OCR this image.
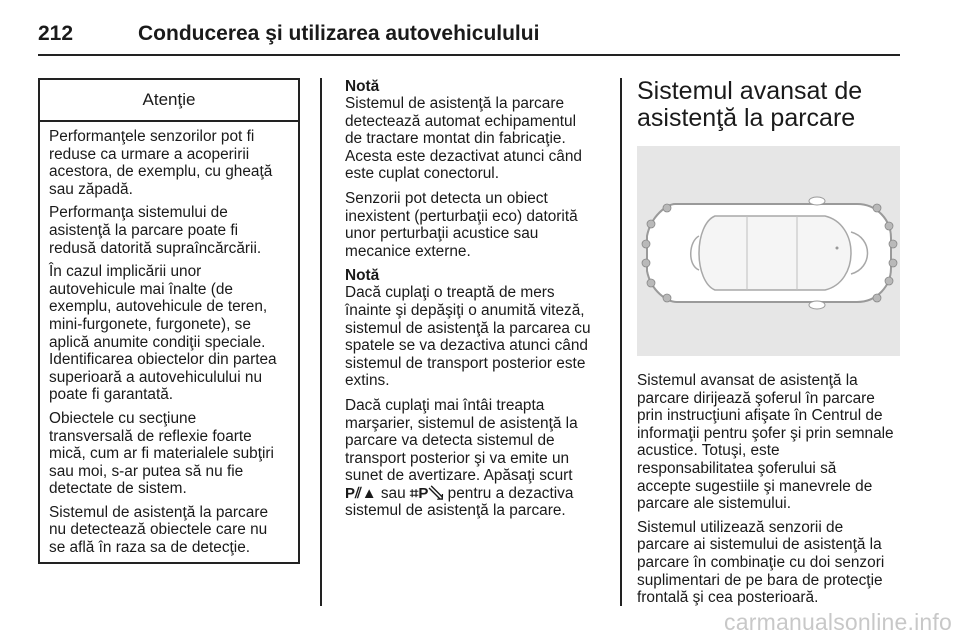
212	Conducerea şi utilizarea autovehiculului
Atenţie

Performanţele senzorilor pot fi
reduse ca urmare a acoperirii
acestora, de exemplu, cu gheaţă
sau zăpadă.

Performanţa sistemului de
asistenţă la parcare poate fi
redusă datorită supraîncărcării.

În cazul implicării unor
autovehicule mai înalte (de
exemplu, autovehicule de teren,
mini-furgonete, furgonete), se
aplică anumite condiţii speciale.
Identificarea obiectelor din partea
superioară a autovehiculului nu
poate fi garantată.

Obiectele cu secţiune
transversală de reflexie foarte
mică, cum ar fi materialele subţiri
sau moi, s-ar putea să nu fie
detectate de sistem.

Sistemul de asistenţă la parcare
nu detectează obiectele care nu
se află în raza sa de detecţie.

Notă

Sistemul de asistenţă la parcare
detectează automat echipamentul
de tractare montat din fabricaţie.
Acesta este dezactivat atunci când
este cuplat conectorul.

Senzorii pot detecta un obiect
inexistent (perturbaţii eco) datorită
unor perturbaţii acustice sau
mecanice externe.

Notă

Dacă cuplaţi o treaptă de mers
înainte şi depăşiţi o anumită viteză,
sistemul de asistenţă la parcarea cu
spatele se va dezactiva atunci când
sistemul de transport posterior este
extins.

Dacă cuplaţi mai întâi treapta
marşarier, sistemul de asistenţă la
parcare va detecta sistemul de
transport posterior şi va emite un
sunet de avertizare. Apăsaţi scurt
P⫽▲ sau ⌗P⇘ pentru a dezactiva
sistemul de asistenţă la parcare.

Sistemul avansat de
asistenţă la parcare

Sistemul avansat de asistenţă la
parcare dirijează şoferul în parcare
prin instrucţiuni afişate în Centrul de
informaţii pentru şofer şi prin semnale
acustice. Totuşi, este
responsabilitatea şoferului să
accepte sugestiile şi manevrele de
parcare ale sistemului.

Sistemul utilizează senzorii de
parcare ai sistemului de asistenţă la
parcare în combinaţie cu doi senzori
suplimentari de pe bara de protecţie
frontală şi cea posterioară.

carmanualsonline.info
